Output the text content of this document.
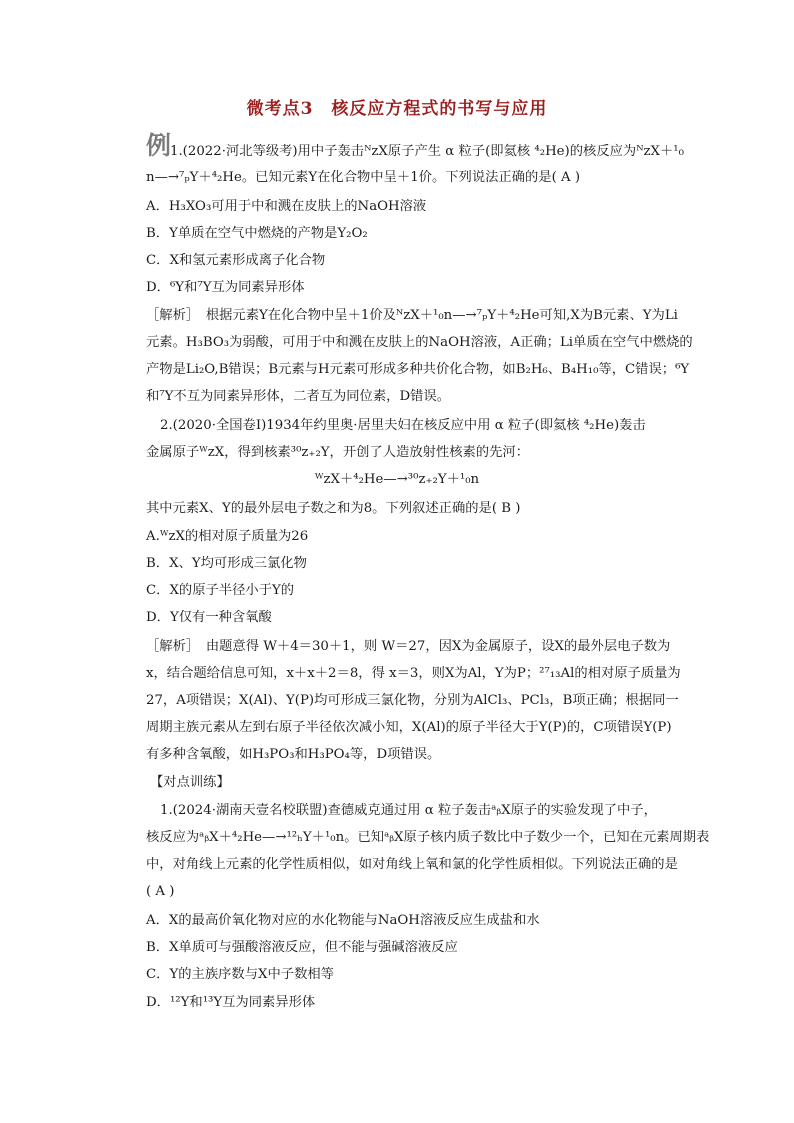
微考点3　核反应方程式的书写与应用
例
1.(2022·河北等级考)用中子轰击ᴺᴢX原子产生 α 粒子(即氦核 ⁴₂He)的核反应为ᴺᴢX＋¹₀
n—→⁷ₚY＋⁴₂He。已知元素Y在化合物中呈＋1价。下列说法正确的是( A )
A．H₃XO₃可用于中和溅在皮肤上的NaOH溶液
B．Y单质在空气中燃烧的产物是Y₂O₂
C．X和氢元素形成离子化合物
D．⁶Y和⁷Y互为同素异形体
［解析］　根据元素Y在化合物中呈＋1价及ᴺᴢX＋¹₀n—→⁷ₚY＋⁴₂He可知,X为B元素、Y为Li
元素。H₃BO₃为弱酸，可用于中和溅在皮肤上的NaOH溶液，A正确；Li单质在空气中燃烧的
产物是Li₂O,B错误；B元素与H元素可形成多种共价化合物，如B₂H₆、B₄H₁₀等，C错误；⁶Y
和⁷Y不互为同素异形体，二者互为同位素，D错误。
2.(2020·全国卷Ⅰ)1934年约里奥·居里夫妇在核反应中用 α 粒子(即氦核 ⁴₂He)轰击
金属原子ᵂᴢX，得到核素³⁰ᴢ₊₂Y，开创了人造放射性核素的先河：
ᵂᴢX＋⁴₂He—→³⁰ᴢ₊₂Y＋¹₀n
其中元素X、Y的最外层电子数之和为8。下列叙述正确的是( B )
A.ᵂᴢX的相对原子质量为26
B．X、Y均可形成三氯化物
C．X的原子半径小于Y的
D．Y仅有一种含氧酸
［解析］　由题意得 W＋4＝30＋1，则 W＝27，因X为金属原子，设X的最外层电子数为
x，结合题给信息可知，x＋x＋2＝8，得 x＝3，则X为Al，Y为P；²⁷₁₃Al的相对原子质量为
27，A项错误；X(Al)、Y(P)均可形成三氯化物，分别为AlCl₃、PCl₃，B项正确；根据同一
周期主族元素从左到右原子半径依次减小知，X(Al)的原子半径大于Y(P)的，C项错误Y(P)
有多种含氧酸，如H₃PO₃和H₃PO₄等，D项错误。
【对点训练】
1.(2024·湖南天壹名校联盟)查德威克通过用 α 粒子轰击ᵃᵦX原子的实验发现了中子，
核反应为ᵃᵦX＋⁴₂He—→¹²ₕY＋¹₀n。已知ᵃᵦX原子核内质子数比中子数少一个，已知在元素周期表
中，对角线上元素的化学性质相似，如对角线上氧和氯的化学性质相似。下列说法正确的是
( A )
A．X的最高价氧化物对应的水化物能与NaOH溶液反应生成盐和水
B．X单质可与强酸溶液反应，但不能与强碱溶液反应
C．Y的主族序数与X中子数相等
D．¹²Y和¹³Y互为同素异形体
